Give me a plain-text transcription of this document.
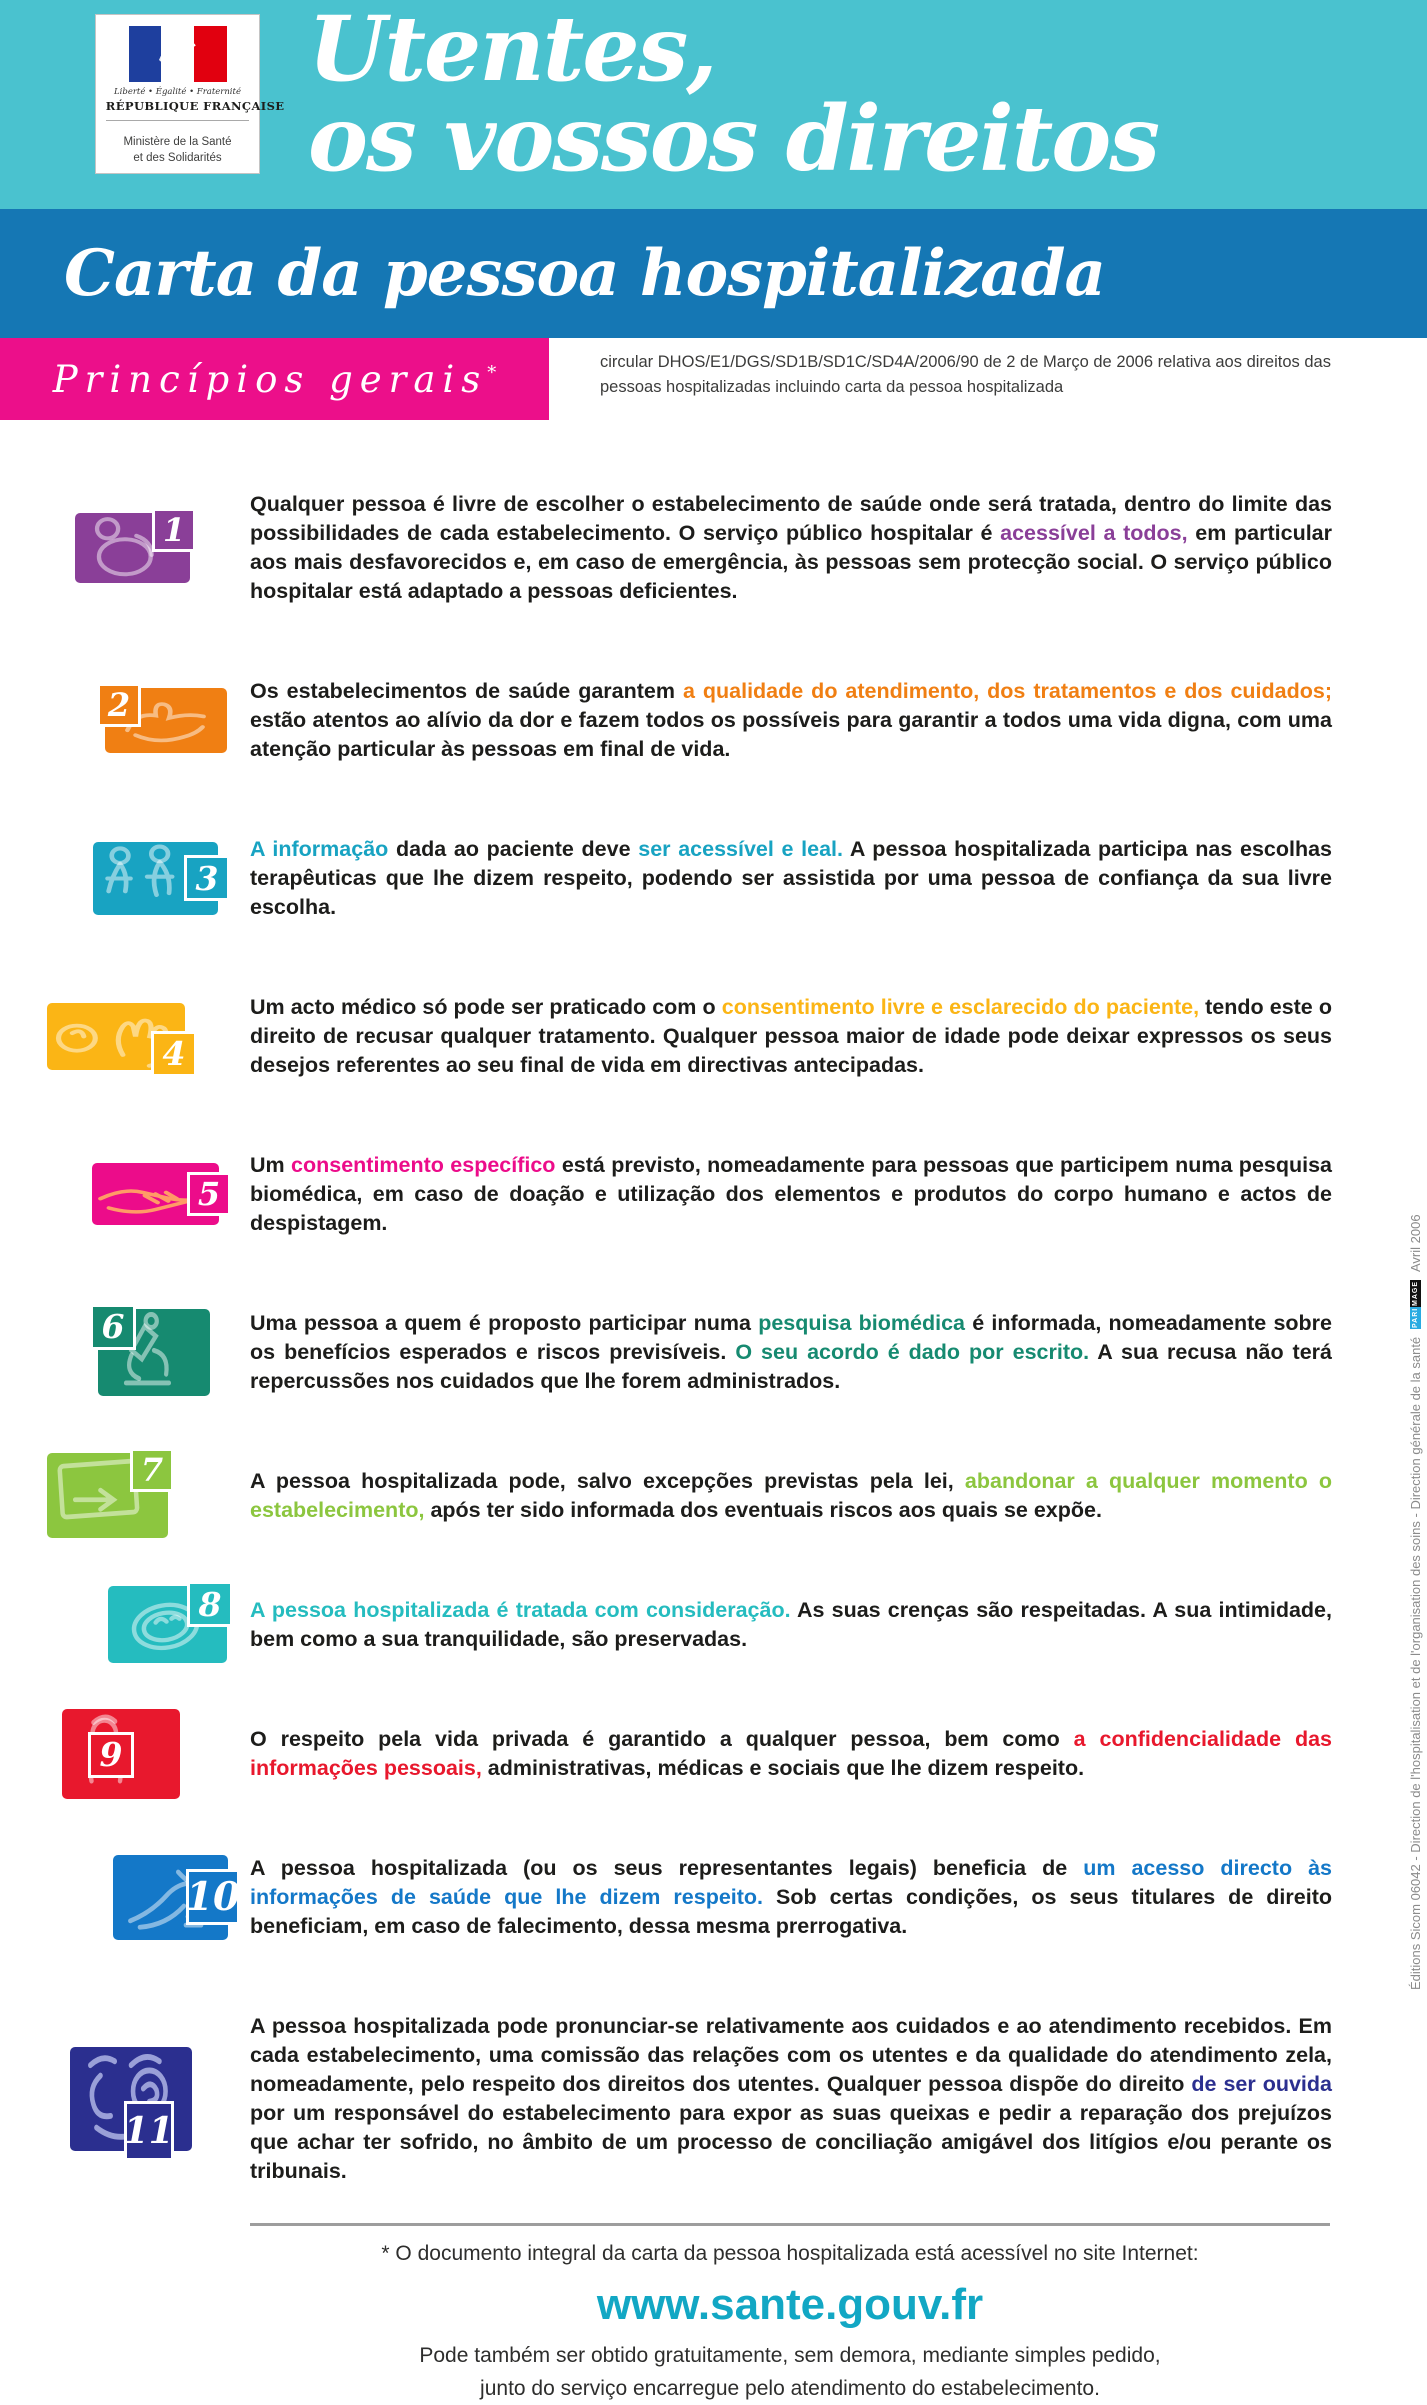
Liberté • Égalité • Fraternité
RÉPUBLIQUE FRANÇAISE
Ministère de la Santé
et des Solidarités
Utentes,
os vossos direitos
Carta da pessoa hospitalizada
Princípios gerais*
circular DHOS/E1/DGS/SD1B/SD1C/SD4A/2006/90 de 2 de Março de 2006 relativa aos direitos das pessoas hospitalizadas incluindo carta da pessoa hospitalizada
1

Qualquer pessoa é livre de escolher o estabelecimento de saúde onde será tratada, dentro do limite das possibilidades de cada estabelecimento. O serviço público hospitalar é acessível a todos, em particular aos mais desfavorecidos e, em caso de emergência, às pessoas sem protecção social. O serviço público hospitalar está adaptado a pessoas deficientes.

2	Os estabelecimentos de saúde garantem a qualidade do atendimento, dos tratamentos e dos cuidados; estão atentos ao alívio da dor e fazem todos os possíveis para garantir a todos uma vida digna, com uma atenção particular às pessoas em final de vida.

3

A informação dada ao paciente deve ser acessível e leal. A pessoa hospitalizada participa nas escolhas terapêuticas que lhe dizem respeito, podendo ser assistida por uma pessoa de confiança da sua livre escolha.

4

Um acto médico só pode ser praticado com o consentimento livre e esclarecido do paciente, tendo este o direito de recusar qualquer tratamento. Qualquer pessoa maior de idade pode deixar expressos os seus desejos referentes ao seu final de vida em directivas antecipadas.

5

Um consentimento específico está previsto, nomeadamente para pessoas que participem numa pesquisa biomédica, em caso de doação e utilização dos elementos e produtos do corpo humano e actos de despistagem.

6	Uma pessoa a quem é proposto participar numa pesquisa biomédica é informada, nomeadamente sobre os benefícios esperados e riscos previsíveis. O seu acordo é dado por escrito. A sua recusa não terá repercussões nos cuidados que lhe forem administrados.

SOR	7	A pessoa hospitalizada pode, salvo excepções previstas pela lei, abandonar a qualquer momento o estabelecimento, após ter sido informada dos eventuais riscos aos quais se expõe.

8	A pessoa hospitalizada é tratada com consideração. As suas crenças são respeitadas. A sua intimidade, bem como a sua tranquilidade, são preservadas.

9	O respeito pela vida privada é garantido a qualquer pessoa, bem como a confidencialidade das informações pessoais, administrativas, médicas e sociais que lhe dizem respeito.

10

A pessoa hospitalizada (ou os seus representantes legais) beneficia de um acesso directo às informações de saúde que lhe dizem respeito. Sob certas condições, os seus titulares de direito beneficiam, em caso de falecimento, dessa mesma prerrogativa.

11

A pessoa hospitalizada pode pronunciar-se relativamente aos cuidados e ao atendimento recebidos. Em cada estabelecimento, uma comissão das relações com os utentes e da qualidade do atendimento zela, nomeadamente, pelo respeito dos direitos dos utentes. Qualquer pessoa dispõe do direito de ser ouvida por um responsável do estabelecimento para expor as suas queixas e pedir a reparação dos prejuízos que achar ter sofrido, no âmbito de um processo de conciliação amigável dos litígios e/ou perante os tribunais.

* O documento integral da carta da pessoa hospitalizada está acessível no site Internet:
www.sante.gouv.fr
Pode também ser obtido gratuitamente, sem demora, mediante simples pedido,
junto do serviço encarregue pelo atendimento do estabelecimento.
Éditions Sicom 06042 - Direction de l'hospitalisation et de l'organisation des soins - Direction générale de la santé
PARIMAGE
Avril 2006
